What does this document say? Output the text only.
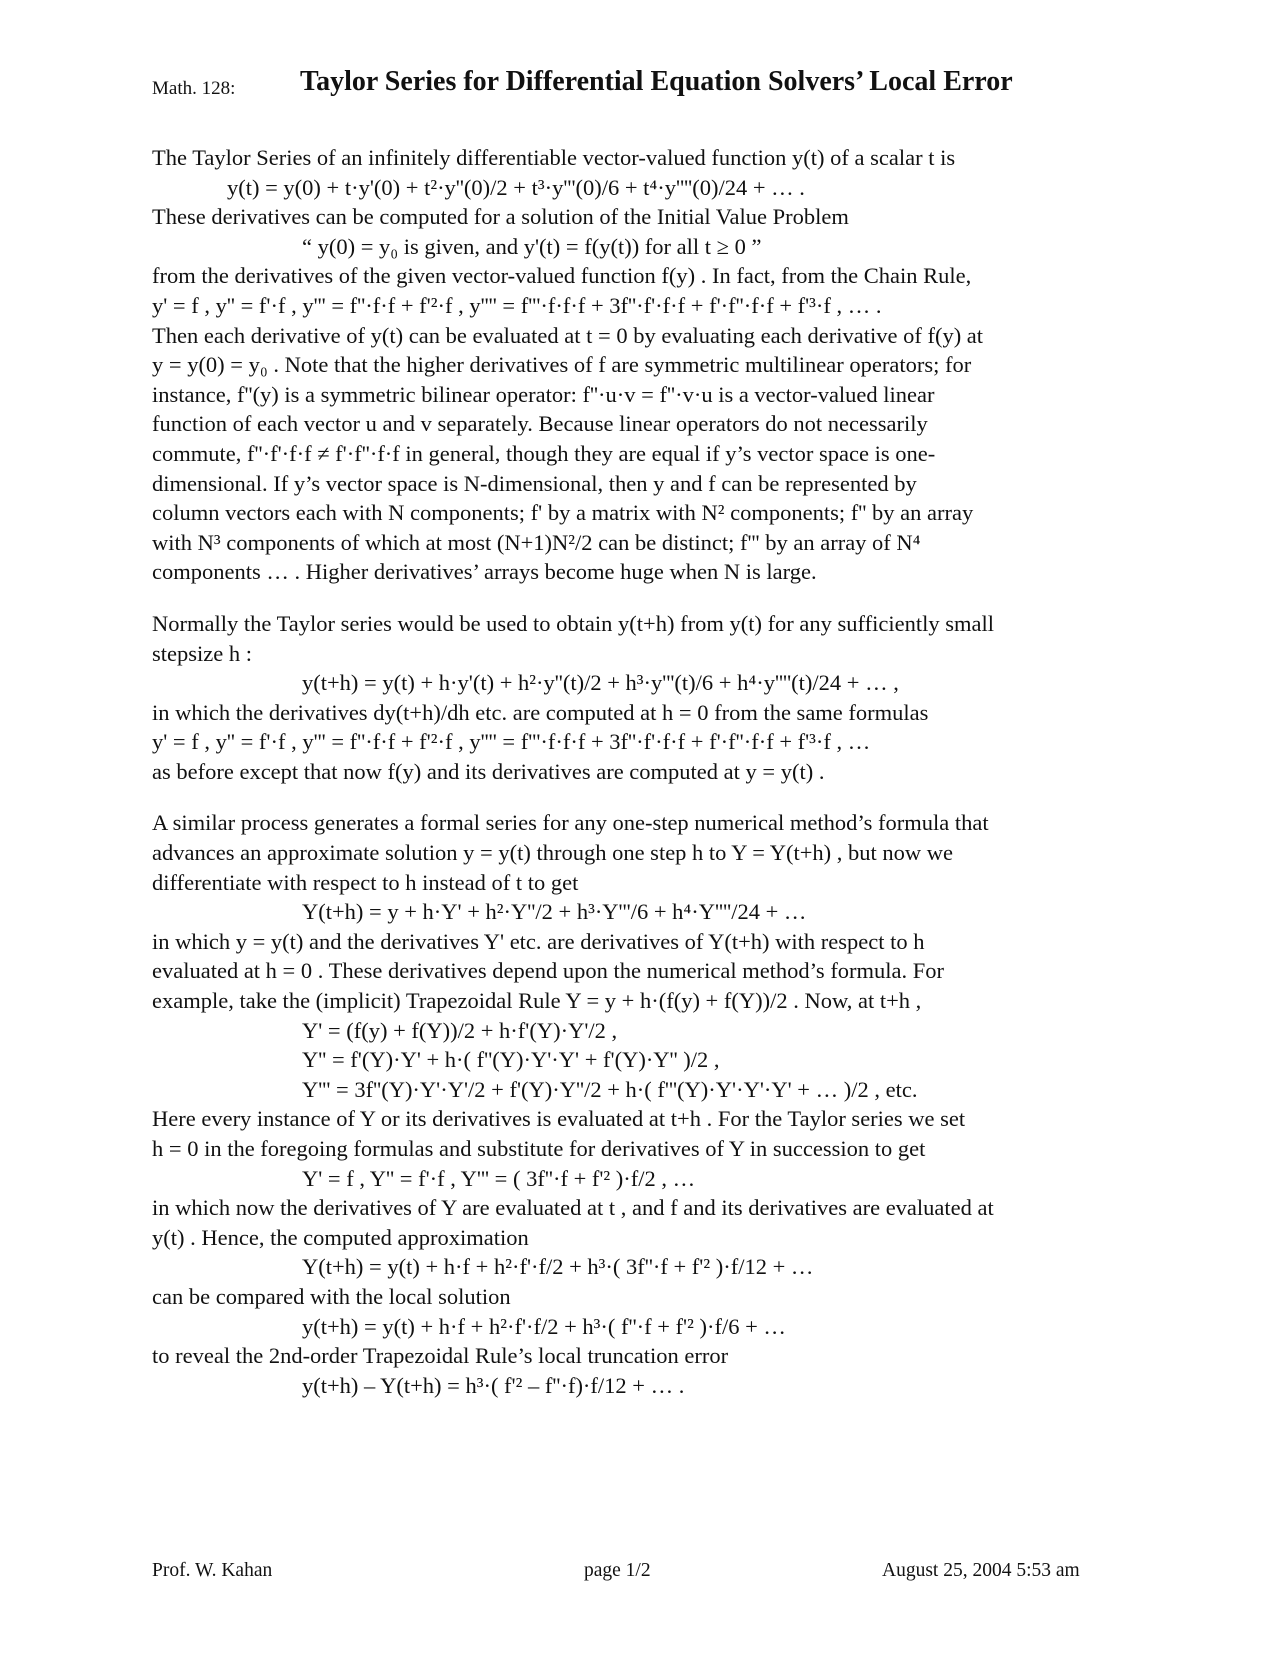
Math. 128: Taylor Series for Differential Equation Solvers’ Local Error
The Taylor Series of an infinitely differentiable vector-valued function y(t) of a scalar t is
y(t) = y(0) + t·y'(0) + t²·y''(0)/2 + t³·y'''(0)/6 + t⁴·y''''(0)/24 + … .
These derivatives can be computed for a solution of the Initial Value Problem
“ y(0) = y₀ is given, and y'(t) = f(y(t)) for all t ≥ 0 ”
from the derivatives of the given vector-valued function f(y) . In fact, from the Chain Rule,
y' = f , y'' = f'·f , y''' = f''·f·f + f'²·f , y'''' = f'''·f·f·f + 3f''·f'·f·f + f'·f''·f·f + f'³·f , … .
Then each derivative of y(t) can be evaluated at t = 0 by evaluating each derivative of f(y) at
y = y(0) = y₀ . Note that the higher derivatives of f are symmetric multilinear operators; for
instance, f''(y) is a symmetric bilinear operator: f''·u·v = f''·v·u is a vector-valued linear
function of each vector u and v separately. Because linear operators do not necessarily
commute, f''·f'·f·f ≠ f'·f''·f·f in general, though they are equal if y’s vector space is one-
dimensional. If y’s vector space is N-dimensional, then y and f can be represented by
column vectors each with N components; f' by a matrix with N² components; f'' by an array
with N³ components of which at most (N+1)N²/2 can be distinct; f''' by an array of N⁴
components … . Higher derivatives’ arrays become huge when N is large.
Normally the Taylor series would be used to obtain y(t+h) from y(t) for any sufficiently small
stepsize h :
y(t+h) = y(t) + h·y'(t) + h²·y''(t)/2 + h³·y'''(t)/6 + h⁴·y''''(t)/24 + … ,
in which the derivatives dy(t+h)/dh etc. are computed at h = 0 from the same formulas
y' = f , y'' = f'·f , y''' = f''·f·f + f'²·f , y'''' = f'''·f·f·f + 3f''·f'·f·f + f'·f''·f·f + f'³·f , …
as before except that now f(y) and its derivatives are computed at y = y(t) .
A similar process generates a formal series for any one-step numerical method’s formula that
advances an approximate solution y = y(t) through one step h to Y = Y(t+h) , but now we
differentiate with respect to h instead of t to get
Y(t+h) = y + h·Y' + h²·Y''/2 + h³·Y'''/6 + h⁴·Y''''/24 + …
in which y = y(t) and the derivatives Y' etc. are derivatives of Y(t+h) with respect to h
evaluated at h = 0 . These derivatives depend upon the numerical method’s formula. For
example, take the (implicit) Trapezoidal Rule Y = y + h·(f(y) + f(Y))/2 . Now, at t+h ,
Y' = (f(y) + f(Y))/2 + h·f'(Y)·Y'/2 ,
Y'' = f'(Y)·Y' + h·( f''(Y)·Y'·Y' + f'(Y)·Y'' )/2 ,
Y''' = 3f''(Y)·Y'·Y'/2 + f'(Y)·Y''/2 + h·( f'''(Y)·Y'·Y'·Y' + … )/2 , etc.
Here every instance of Y or its derivatives is evaluated at t+h . For the Taylor series we set
h = 0 in the foregoing formulas and substitute for derivatives of Y in succession to get
Y' = f , Y'' = f'·f , Y''' = ( 3f''·f + f'² )·f/2 , …
in which now the derivatives of Y are evaluated at t , and f and its derivatives are evaluated at
y(t) . Hence, the computed approximation
Y(t+h) = y(t) + h·f + h²·f'·f/2 + h³·( 3f''·f + f'² )·f/12 + …
can be compared with the local solution
y(t+h) = y(t) + h·f + h²·f'·f/2 + h³·( f''·f + f'² )·f/6 + …
to reveal the 2nd-order Trapezoidal Rule’s local truncation error
y(t+h) – Y(t+h) = h³·( f'² – f''·f)·f/12 + … .
Prof. W. Kahan	page 1/2	August 25, 2004 5:53 am
